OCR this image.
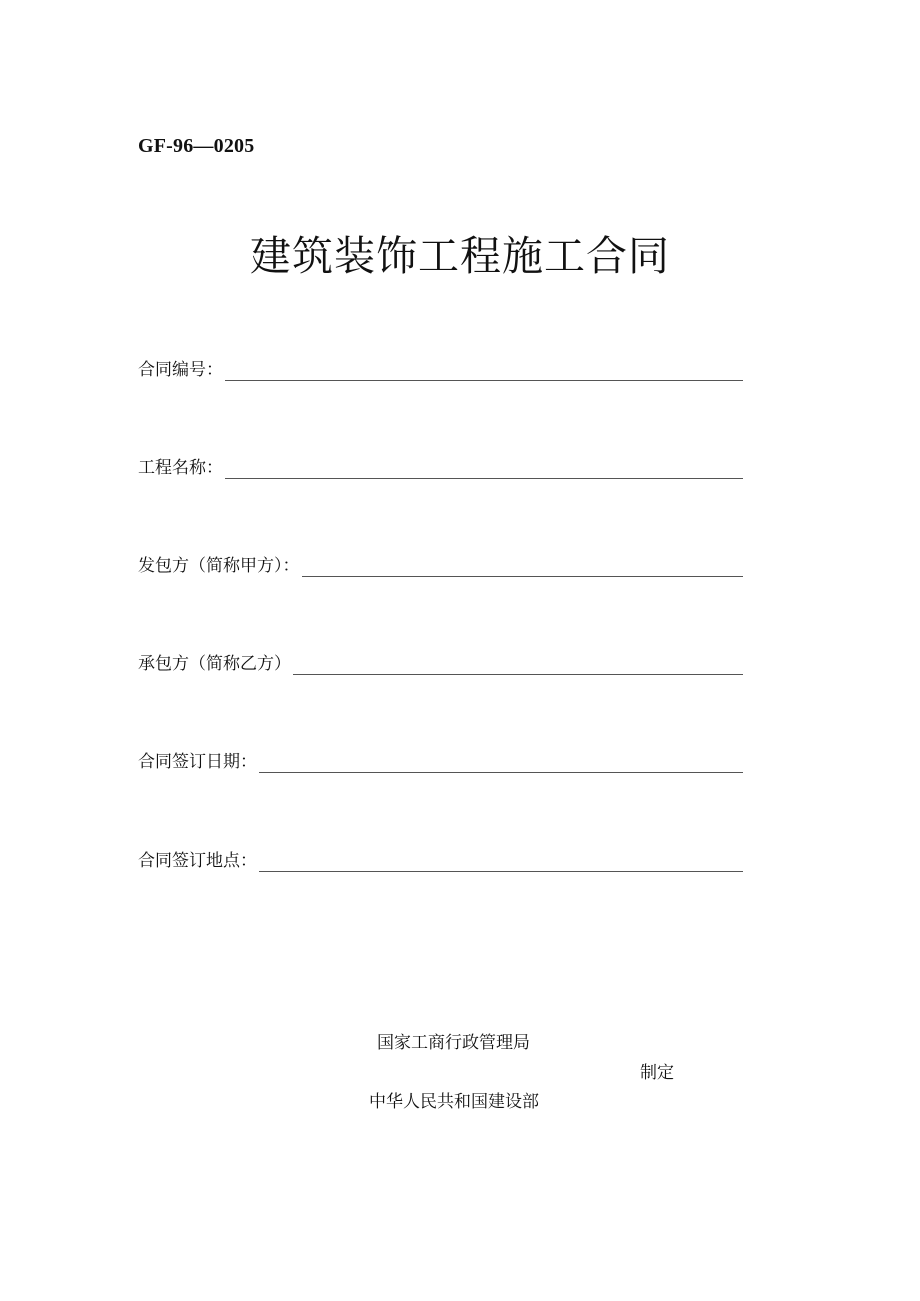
GF-96—0205
建筑装饰工程施工合同
合同编号：
工程名称：
发包方（简称甲方）：
承包方（简称乙方）
合同签订日期：
合同签订地点：
国家工商行政管理局
制定
中华人民共和国建设部
